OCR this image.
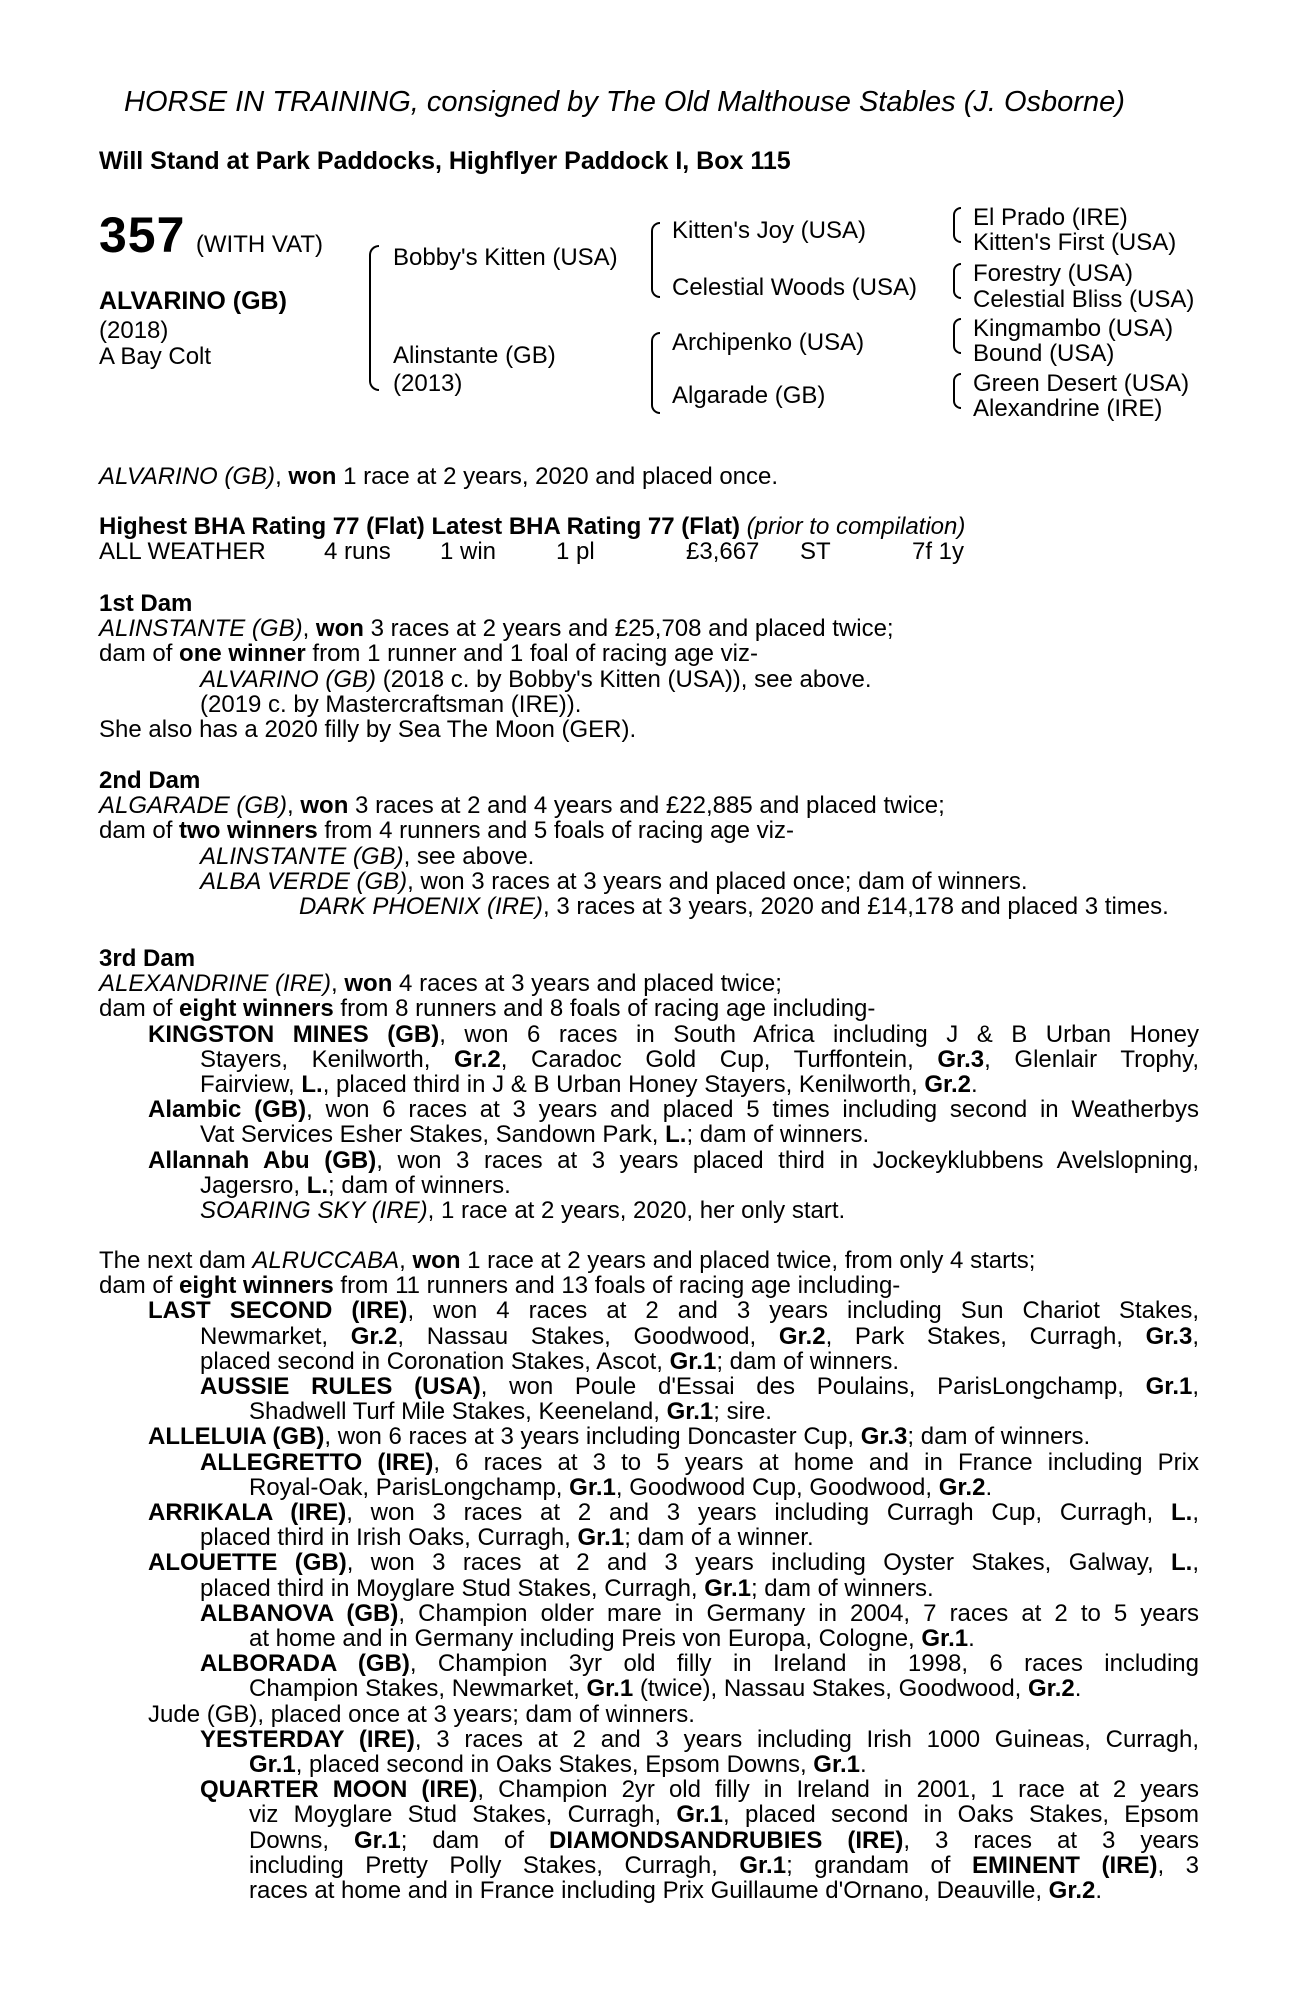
HORSE IN TRAINING, consigned by The Old Malthouse Stables (J. Osborne)
Will Stand at Park Paddocks, Highflyer Paddock I, Box 115
357 (WITH VAT)
ALVARINO (GB)
(2018)
A Bay Colt
Bobby's Kitten (USA)
Alinstante (GB)
(2013)
Kitten's Joy (USA)
Celestial Woods (USA)
Archipenko (USA)
Algarade (GB)
El Prado (IRE)
Kitten's First (USA)
Forestry (USA)
Celestial Bliss (USA)
Kingmambo (USA)
Bound (USA)
Green Desert (USA)
Alexandrine (IRE)
ALVARINO (GB), won 1 race at 2 years, 2020 and placed once.
Highest BHA Rating 77 (Flat) Latest BHA Rating 77 (Flat) (prior to compilation)
ALL WEATHER 4 runs 1 win 1 pl	£3,667 ST	7f 1y
1st Dam
ALINSTANTE (GB), won 3 races at 2 years and £25,708 and placed twice;
dam of one winner from 1 runner and 1 foal of racing age viz-
ALVARINO (GB) (2018 c. by Bobby's Kitten (USA)), see above.
(2019 c. by Mastercraftsman (IRE)).
She also has a 2020 filly by Sea The Moon (GER).
2nd Dam
ALGARADE (GB), won 3 races at 2 and 4 years and £22,885 and placed twice;
dam of two winners from 4 runners and 5 foals of racing age viz-
ALINSTANTE (GB), see above.
ALBA VERDE (GB), won 3 races at 3 years and placed once; dam of winners.
DARK PHOENIX (IRE), 3 races at 3 years, 2020 and £14,178 and placed 3 times.
3rd Dam
ALEXANDRINE (IRE), won 4 races at 3 years and placed twice;
dam of eight winners from 8 runners and 8 foals of racing age including-
KINGSTON MINES (GB), won 6 races in South Africa including J & B Urban Honey
Stayers, Kenilworth, Gr.2, Caradoc Gold Cup, Turffontein, Gr.3, Glenlair Trophy,
Fairview, L., placed third in J & B Urban Honey Stayers, Kenilworth, Gr.2.
Alambic (GB), won 6 races at 3 years and placed 5 times including second in Weatherbys
Vat Services Esher Stakes, Sandown Park, L.; dam of winners.
Allannah Abu (GB), won 3 races at 3 years placed third in Jockeyklubbens Avelslopning,
Jagersro, L.; dam of winners.
SOARING SKY (IRE), 1 race at 2 years, 2020, her only start.
The next dam ALRUCCABA, won 1 race at 2 years and placed twice, from only 4 starts;
dam of eight winners from 11 runners and 13 foals of racing age including-
LAST SECOND (IRE), won 4 races at 2 and 3 years including Sun Chariot Stakes,
Newmarket, Gr.2, Nassau Stakes, Goodwood, Gr.2, Park Stakes, Curragh, Gr.3,
placed second in Coronation Stakes, Ascot, Gr.1; dam of winners.
AUSSIE RULES (USA), won Poule d'Essai des Poulains, ParisLongchamp, Gr.1,
Shadwell Turf Mile Stakes, Keeneland, Gr.1; sire.
ALLELUIA (GB), won 6 races at 3 years including Doncaster Cup, Gr.3; dam of winners.
ALLEGRETTO (IRE), 6 races at 3 to 5 years at home and in France including Prix
Royal-Oak, ParisLongchamp, Gr.1, Goodwood Cup, Goodwood, Gr.2.
ARRIKALA (IRE), won 3 races at 2 and 3 years including Curragh Cup, Curragh, L.,
placed third in Irish Oaks, Curragh, Gr.1; dam of a winner.
ALOUETTE (GB), won 3 races at 2 and 3 years including Oyster Stakes, Galway, L.,
placed third in Moyglare Stud Stakes, Curragh, Gr.1; dam of winners.
ALBANOVA (GB), Champion older mare in Germany in 2004, 7 races at 2 to 5 years
at home and in Germany including Preis von Europa, Cologne, Gr.1.
ALBORADA (GB), Champion 3yr old filly in Ireland in 1998, 6 races including
Champion Stakes, Newmarket, Gr.1 (twice), Nassau Stakes, Goodwood, Gr.2.
Jude (GB), placed once at 3 years; dam of winners.
YESTERDAY (IRE), 3 races at 2 and 3 years including Irish 1000 Guineas, Curragh,
Gr.1, placed second in Oaks Stakes, Epsom Downs, Gr.1.
QUARTER MOON (IRE), Champion 2yr old filly in Ireland in 2001, 1 race at 2 years
viz Moyglare Stud Stakes, Curragh, Gr.1, placed second in Oaks Stakes, Epsom
Downs, Gr.1; dam of DIAMONDSANDRUBIES (IRE), 3 races at 3 years
including Pretty Polly Stakes, Curragh, Gr.1; grandam of EMINENT (IRE), 3
races at home and in France including Prix Guillaume d'Ornano, Deauville, Gr.2.
